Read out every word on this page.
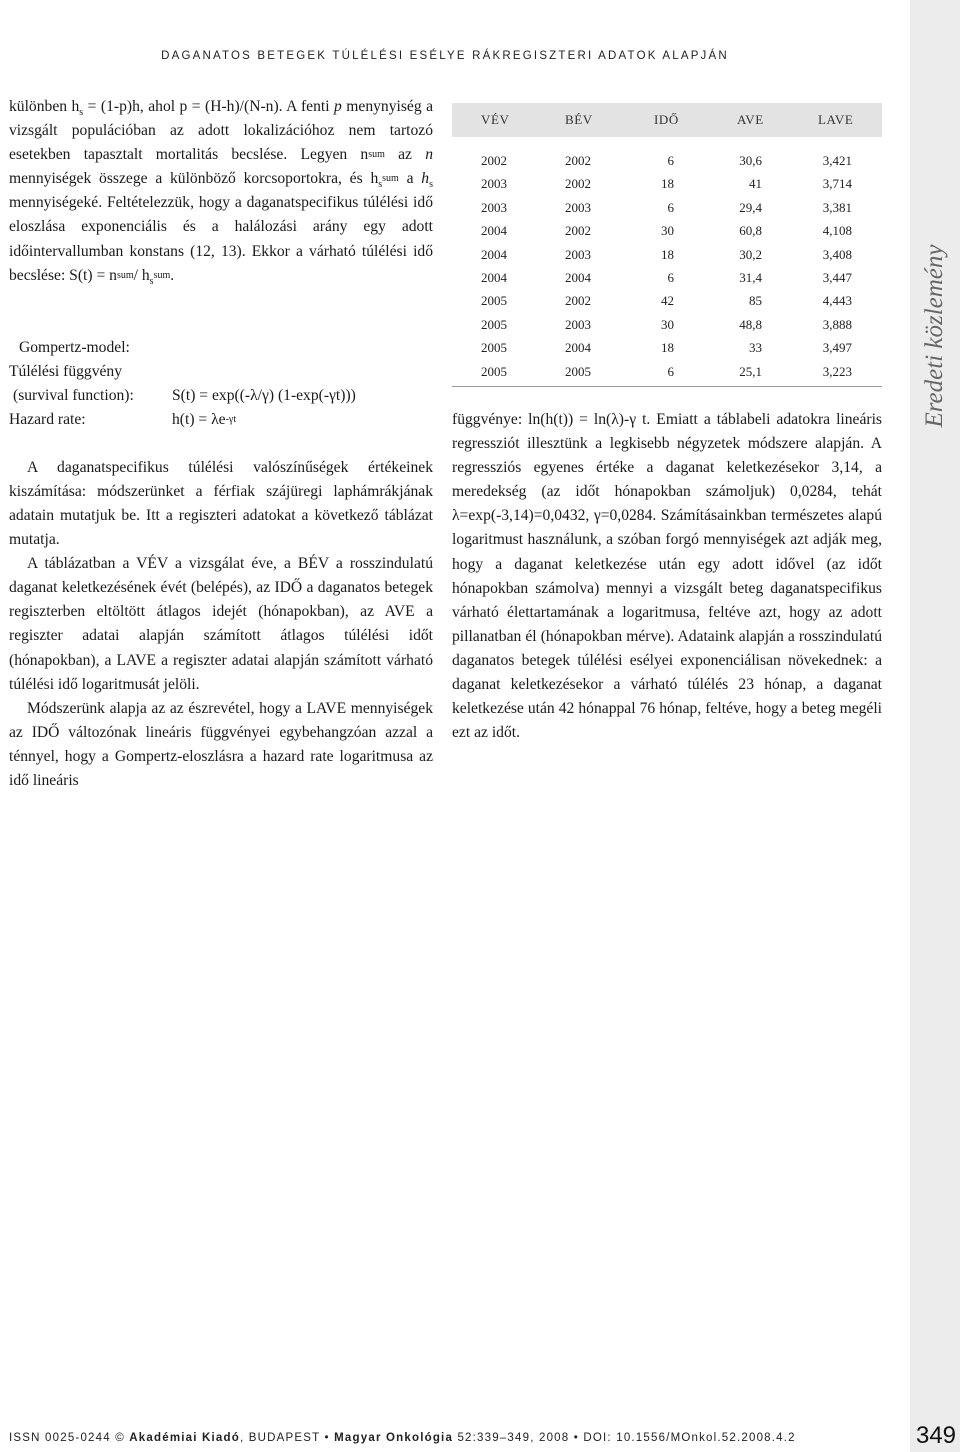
DAGANATOS BETEGEK TÚLÉLÉSI ESÉLYE RÁKREGISZTERI ADATOK ALAPJÁN
Eredeti közlemény

különben $h_s = (1-p)h$, ahol p = (H-h)/(N-n). A fenti p menynyiség a vizsgált populációban az adott lokalizációhoz nem tartozó esetekben tapasztalt mortalitás becslése. Legyen $n^{sum}$ az n mennyiségek összege a különböző korcsoportokra, és $h_s^{sum}$ a $h_s$ mennyiségeké. Feltételezzük, hogy a daganatspecifikus túlélési idő eloszlása exponenciális és a halálozási arány egy adott időintervallumban konstans (12, 13). Ekkor a várható túlélési idő becslése: $S(t) = n^{sum}/$ $h_s^{sum}$.

Gompertz-model:
Túlélési függvény
(survival function): S(t) = exp((-λ/γ) (1-exp(-γt)))
Hazard rate:	$h(t) = \lambda e^{-\gamma t}$

A daganatspecifikus túlélési valószínűségek értékeinek kiszámítása: módszerünket a férfiak szájüregi laphámrákjának adatain mutatjuk be. Itt a regiszteri adatokat a következő táblázat mutatja.

A táblázatban a VÉV a vizsgálat éve, a BÉV a rosszindulatú daganat keletkezésének évét (belépés), az IDŐ a daganatos betegek regiszterben eltöltött átlagos idejét (hónapokban), az AVE a regiszter adatai alapján számított átlagos túlélési időt (hónapokban), a LAVE a regiszter adatai alapján számított várható túlélési idő logaritmusát jelöli.

Módszerünk alapja az az észrevétel, hogy a LAVE mennyiségek az IDŐ változónak lineáris függvényei egybehangzóan azzal a ténnyel, hogy a Gompertz-eloszlásra a hazard rate logaritmusa az idő lineáris

VÉV	BÉV	IDŐ	AVE	LAVE
2002	2002	6	30,6	3,421
2003	2002	18	41	3,714
2003	2003	6	29,4	3,381
2004	2002	30	60,8	4,108
2004	2003	18	30,2	3,408
2004	2004	6	31,4	3,447
2005	2002	42	85	4,443
2005	2003	30	48,8	3,888
2005	2004	18	33	3,497
2005	2005	6	25,1	3,223

függvénye: ln(h(t)) = ln(λ)-γ t. Emiatt a táblabeli adatokra lineáris regressziót illesztünk a legkisebb négyzetek módszere alapján. A regressziós egyenes értéke a daganat keletkezésekor 3,14, a meredekség (az időt hónapokban számoljuk) 0,0284, tehát λ=exp(-3,14)=0,0432, γ=0,0284. Számításainkban természetes alapú logaritmust használunk, a szóban forgó mennyiségek azt adják meg, hogy a daganat keletkezése után egy adott idővel (az időt hónapokban számolva) mennyi a vizsgált beteg daganatspecifikus várható élettartamának a logaritmusa, feltéve azt, hogy az adott pillanatban él (hónapokban mérve). Adataink alapján a rosszindulatú daganatos betegek túlélési esélyei exponenciálisan növekednek: a daganat keletkezésekor a várható túlélés 23 hónap, a daganat keletkezése után 42 hónappal 76 hónap, feltéve, hogy a beteg megéli ezt az időt.

ISSN 0025-0244 © Akadémiai Kiadó, BUDAPEST • Magyar Onkológia 52:339–349, 2008 • DOI: 10.1556/MOnkol.52.2008.4.2	349
